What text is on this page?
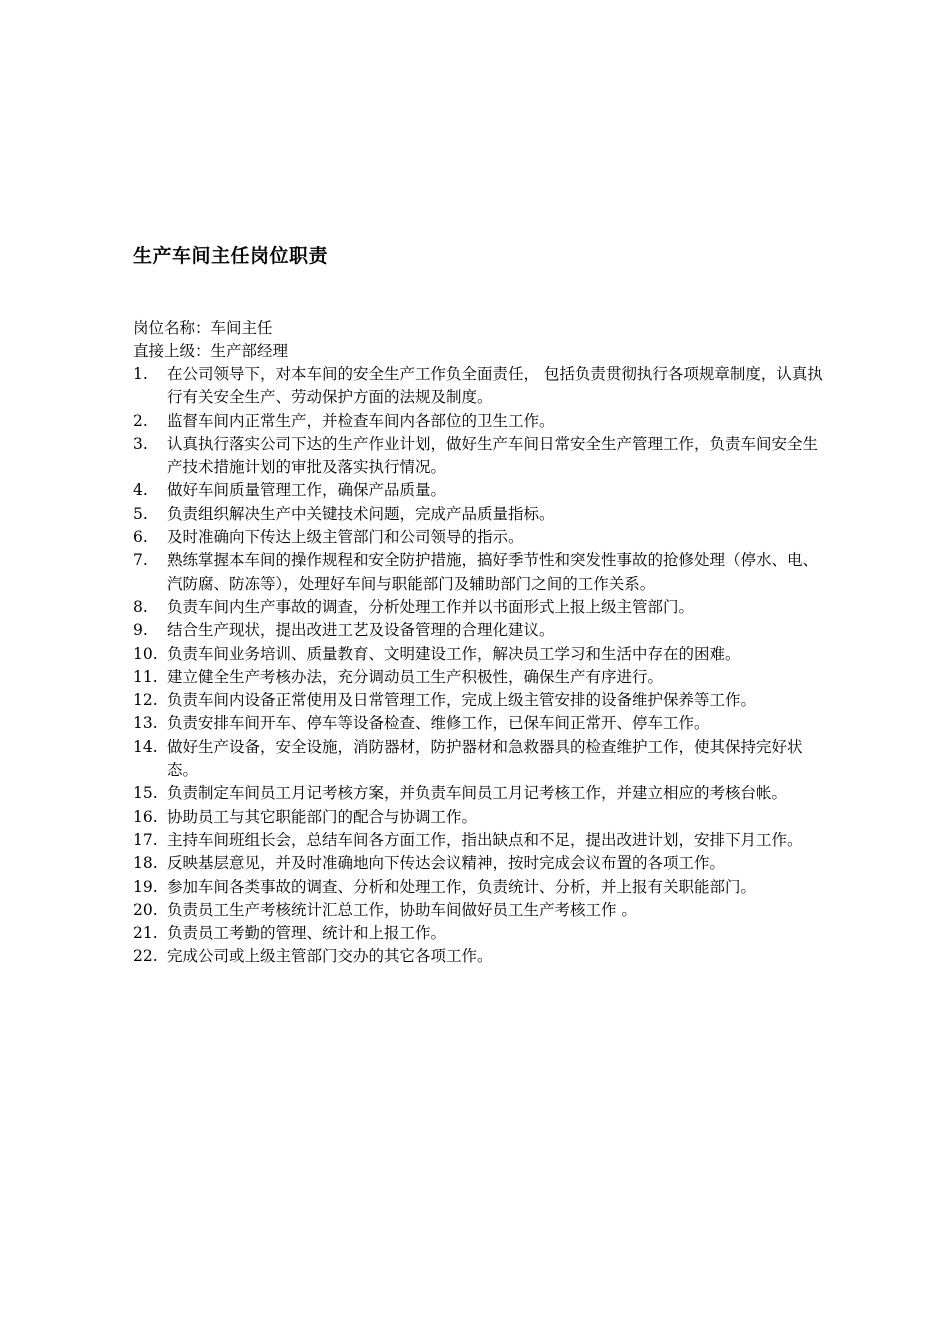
生产车间主任岗位职责
岗位名称：车间主任
直接上级：生产部经理
1. 在公司领导下，对本车间的安全生产工作负全面责任， 包括负责贯彻执行各项规章制度，认真执行有关安全生产、劳动保护方面的法规及制度。
2. 监督车间内正常生产，并检查车间内各部位的卫生工作。
3. 认真执行落实公司下达的生产作业计划，做好生产车间日常安全生产管理工作，负责车间安全生产技术措施计划的审批及落实执行情况。
4. 做好车间质量管理工作，确保产品质量。
5. 负责组织解决生产中关键技术问题，完成产品质量指标。
6. 及时准确向下传达上级主管部门和公司领导的指示。
7. 熟练掌握本车间的操作规程和安全防护措施，搞好季节性和突发性事故的抢修处理（停水、电、汽防腐、防冻等），处理好车间与职能部门及辅助部门之间的工作关系。
8. 负责车间内生产事故的调查，分析处理工作并以书面形式上报上级主管部门。
9. 结合生产现状，提出改进工艺及设备管理的合理化建议。
10. 负责车间业务培训、质量教育、文明建设工作，解决员工学习和生活中存在的困难。
11. 建立健全生产考核办法，充分调动员工生产积极性，确保生产有序进行。
12. 负责车间内设备正常使用及日常管理工作，完成上级主管安排的设备维护保养等工作。
13. 负责安排车间开车、停车等设备检查、维修工作，已保车间正常开、停车工作。
14. 做好生产设备，安全设施，消防器材，防护器材和急救器具的检查维护工作，使其保持完好状态。
15. 负责制定车间员工月记考核方案，并负责车间员工月记考核工作，并建立相应的考核台帐。
16. 协助员工与其它职能部门的配合与协调工作。
17. 主持车间班组长会，总结车间各方面工作，指出缺点和不足，提出改进计划，安排下月工作。
18. 反映基层意见，并及时准确地向下传达会议精神，按时完成会议布置的各项工作。
19. 参加车间各类事故的调查、分析和处理工作，负责统计、分析，并上报有关职能部门。
20. 负责员工生产考核统计汇总工作，协助车间做好员工生产考核工作 。
21. 负责员工考勤的管理、统计和上报工作。
22. 完成公司或上级主管部门交办的其它各项工作。
